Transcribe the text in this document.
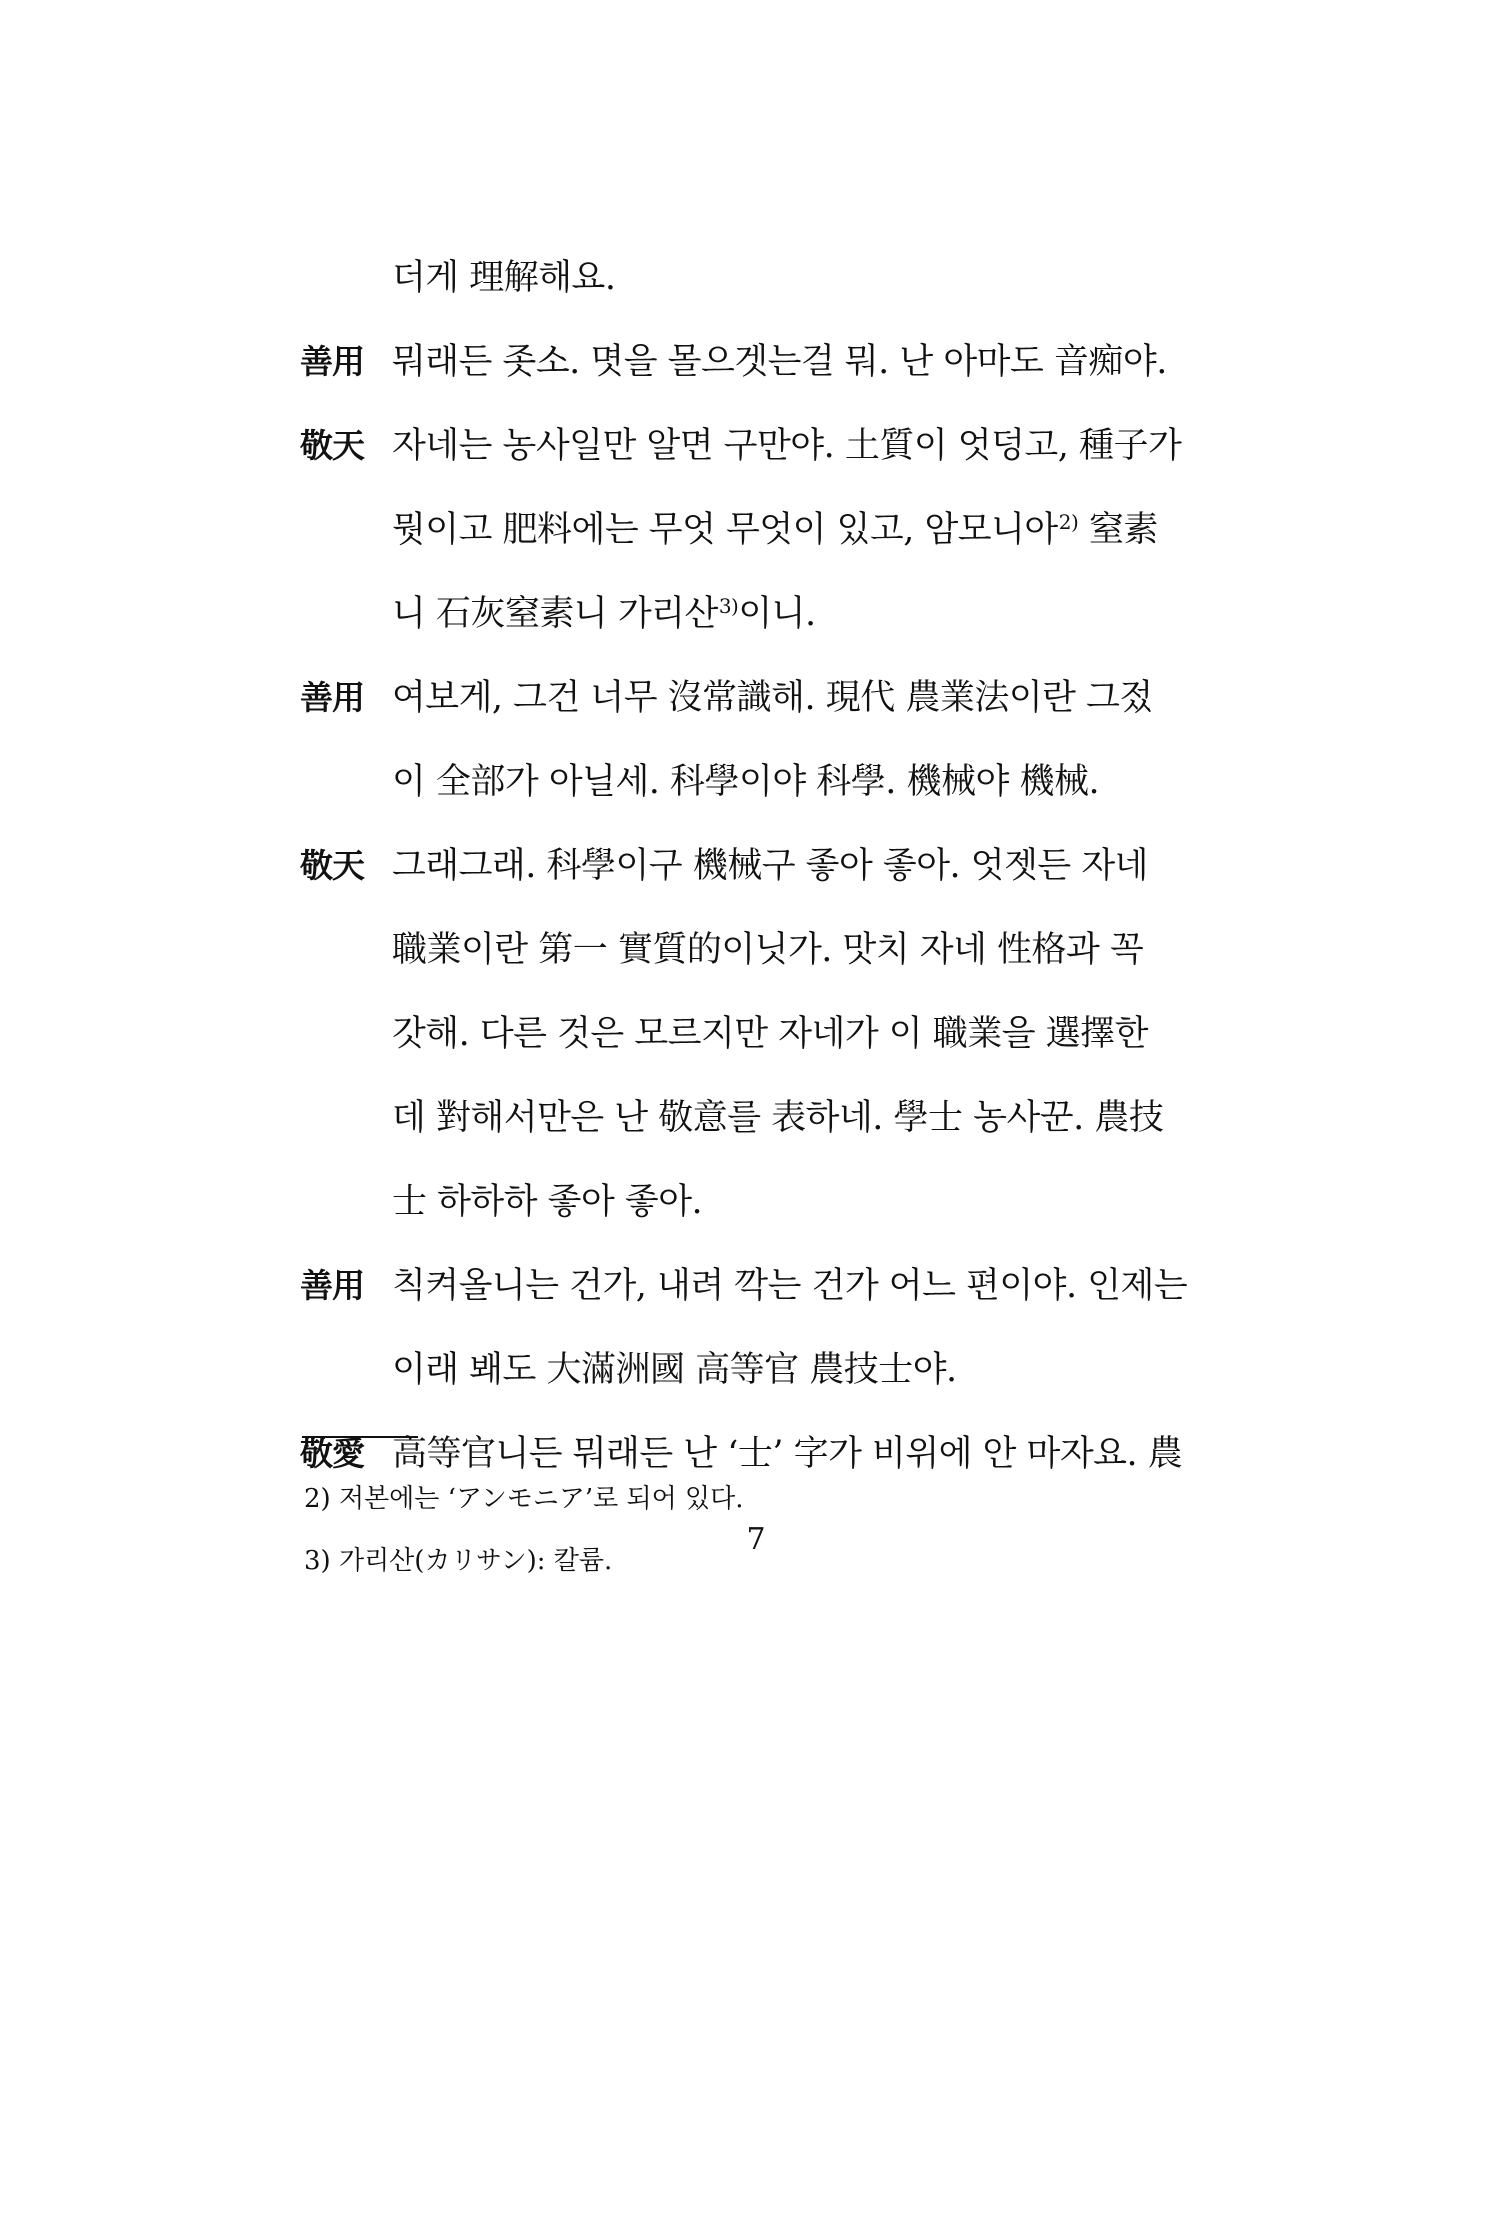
더게 理解해요.
善用 뭐래든 좃소. 몃을 몰으겟는걸 뭐. 난 아마도 音痴야.
敬天 자네는 농사일만 알면 구만야. 土質이 엇덩고, 種子가
뭣이고 肥料에는 무엇 무엇이 있고, 암모니아$^{2)}$ 窒素
니 石灰窒素니 가리산$^{3)}$이니.
善用 여보게, 그건 너무 沒常識해. 現代 農業法이란 그젔
이 全部가 아닐세. 科學이야 科學. 機械야 機械.
敬天 그래그래. 科學이구 機械구 좋아 좋아. 엇젯든 자네
職業이란 第一 實質的이닛가. 맛치 자네 性格과 꼭
갓해. 다른 것은 모르지만 자네가 이 職業을 選擇한
데 對해서만은 난 敬意를 表하네. 學士 농사꾼. 農技
士 하하하 좋아 좋아.
善用 칙켜올니는 건가, 내려 깍는 건가 어느 편이야. 인제는
이래 봬도 大滿洲國 高等官 農技士야.
敬愛 高等官니든 뭐래든 난 ‘士’ 字가 비위에 안 마자요. 農
2) 저본에는 ‘アンモニア’로 되어 있다.
3) 가리산(カリサン): 칼륨.
7
